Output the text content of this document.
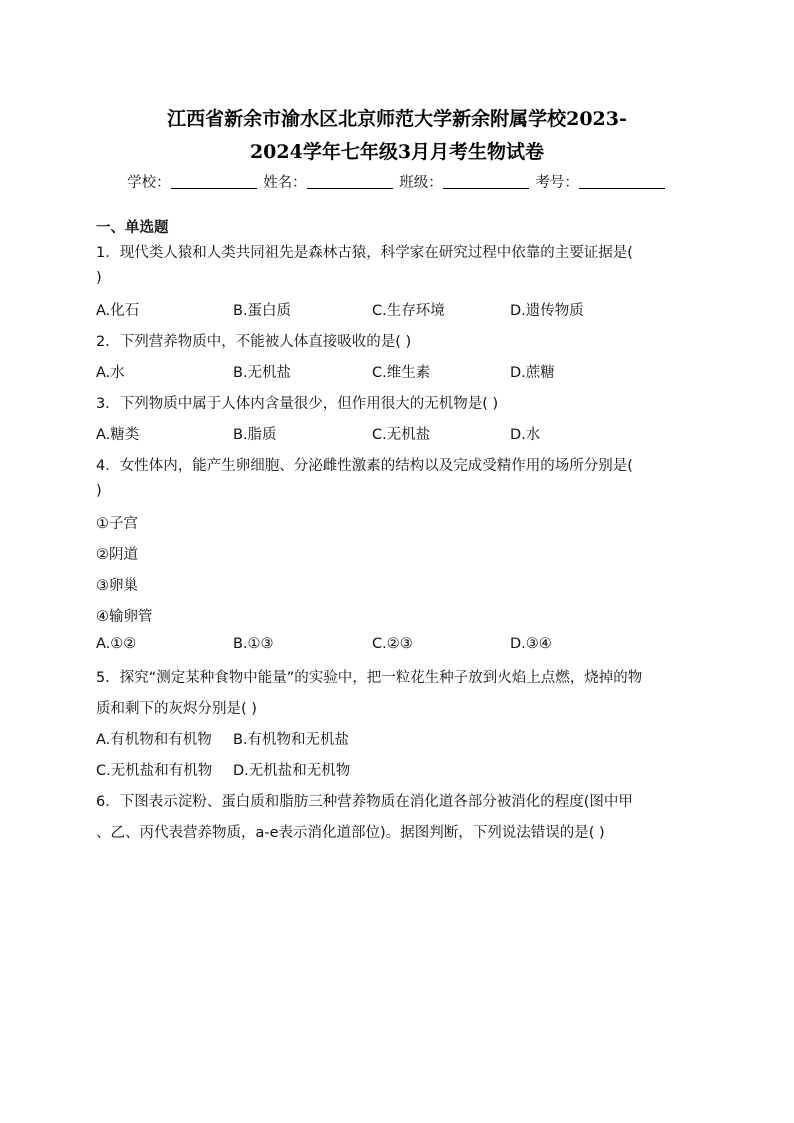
江西省新余市渝水区北京师范大学新余附属学校2023-
2024学年七年级3月月考生物试卷
学校：	姓名：	班级：	考号：
一、单选题
1．现代类人猿和人类共同祖先是森林古猿，科学家在研究过程中依靠的主要证据是(
)
A.化石	B.蛋白质	C.生存环境	D.遗传物质
2．下列营养物质中，不能被人体直接吸收的是( )
A.水	B.无机盐	C.维生素	D.蔗糖
3．下列物质中属于人体内含量很少，但作用很大的无机物是( )
A.糖类	B.脂质	C.无机盐	D.水
4．女性体内，能产生卵细胞、分泌雌性激素的结构以及完成受精作用的场所分别是(
)
①子宫
②阴道
③卵巢
④输卵管
A.①②	B.①③	C.②③	D.③④
5．探究“测定某种食物中能量”的实验中，把一粒花生种子放到火焰上点燃，烧掉的物
质和剩下的灰烬分别是( )
A.有机物和有机物 B.有机物和无机盐
C.无机盐和有机物 D.无机盐和无机物
6．下图表示淀粉、蛋白质和脂肪三种营养物质在消化道各部分被消化的程度(图中甲
、乙、丙代表营养物质，a-e表示消化道部位)。据图判断，下列说法错误的是( )
